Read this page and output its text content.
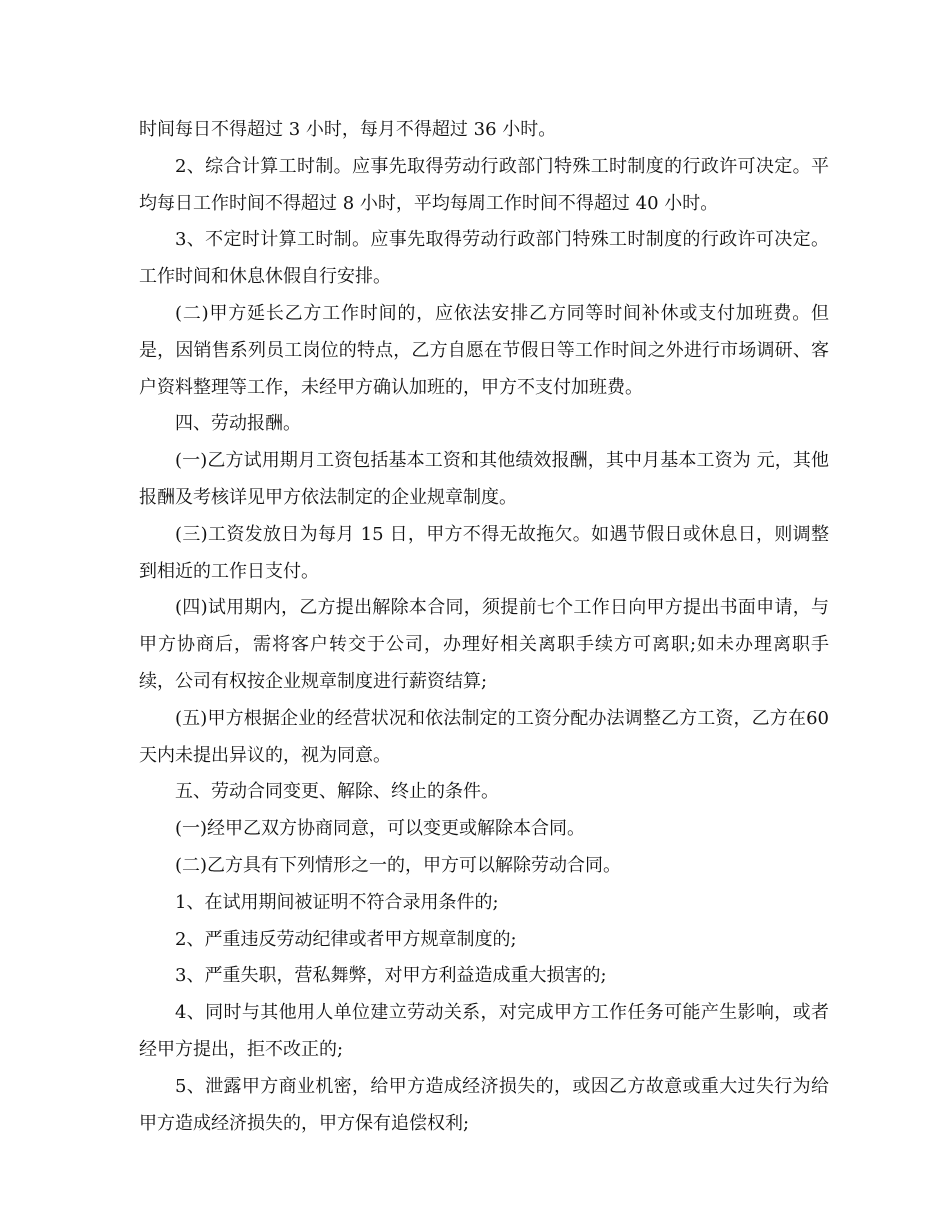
时间每日不得超过 3 小时，每月不得超过 36 小时。

2、综合计算工时制。应事先取得劳动行政部门特殊工时制度的行政许可决定。平均每日工作时间不得超过 8 小时，平均每周工作时间不得超过 40 小时。

3、不定时计算工时制。应事先取得劳动行政部门特殊工时制度的行政许可决定。工作时间和休息休假自行安排。

(二)甲方延长乙方工作时间的，应依法安排乙方同等时间补休或支付加班费。但是，因销售系列员工岗位的特点，乙方自愿在节假日等工作时间之外进行市场调研、客户资料整理等工作，未经甲方确认加班的，甲方不支付加班费。

四、劳动报酬。

(一)乙方试用期月工资包括基本工资和其他绩效报酬，其中月基本工资为 元，其他报酬及考核详见甲方依法制定的企业规章制度。

(三)工资发放日为每月 15 日，甲方不得无故拖欠。如遇节假日或休息日，则调整到相近的工作日支付。

(四)试用期内，乙方提出解除本合同，须提前七个工作日向甲方提出书面申请，与甲方协商后，需将客户转交于公司，办理好相关离职手续方可离职;如未办理离职手续，公司有权按企业规章制度进行薪资结算;

(五)甲方根据企业的经营状况和依法制定的工资分配办法调整乙方工资，乙方在60天内未提出异议的，视为同意。

五、劳动合同变更、解除、终止的条件。

(一)经甲乙双方协商同意，可以变更或解除本合同。

(二)乙方具有下列情形之一的，甲方可以解除劳动合同。

1、在试用期间被证明不符合录用条件的;

2、严重违反劳动纪律或者甲方规章制度的;

3、严重失职，营私舞弊，对甲方利益造成重大损害的;

4、同时与其他用人单位建立劳动关系，对完成甲方工作任务可能产生影响，或者经甲方提出，拒不改正的;

5、泄露甲方商业机密，给甲方造成经济损失的，或因乙方故意或重大过失行为给甲方造成经济损失的，甲方保有追偿权利;
